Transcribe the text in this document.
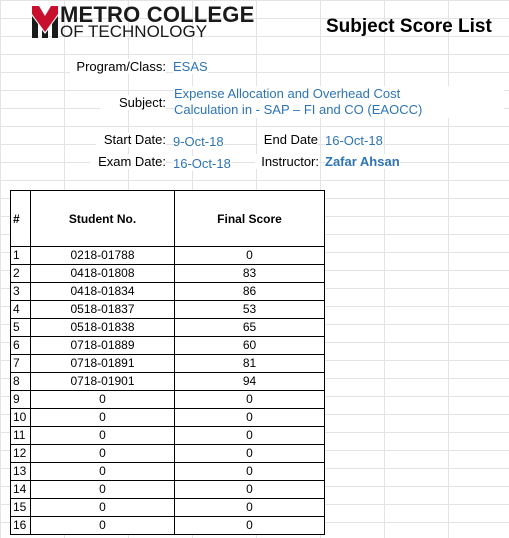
METRO COLLEGE
OF TECHNOLOGY	Subject Score List
Program/Class: ESAS
Subject:
Expense Allocation and Overhead Cost
Calculation in - SAP – FI and CO (EAOCC)
Start Date: 9-Oct-18	End Date 16-Oct-18
Exam Date: 16-Oct-18	Instructor: Zafar Ahsan
#	Student No.	Final Score
1	0218-01788	0
2	0418-01808	83
3	0418-01834	86
4	0518-01837	53
5	0518-01838	65
6	0718-01889	60
7	0718-01891	81
8	0718-01901	94
9	0	0
10	0	0
11	0	0
12	0	0
13	0	0
14	0	0
15	0	0
16	0	0
